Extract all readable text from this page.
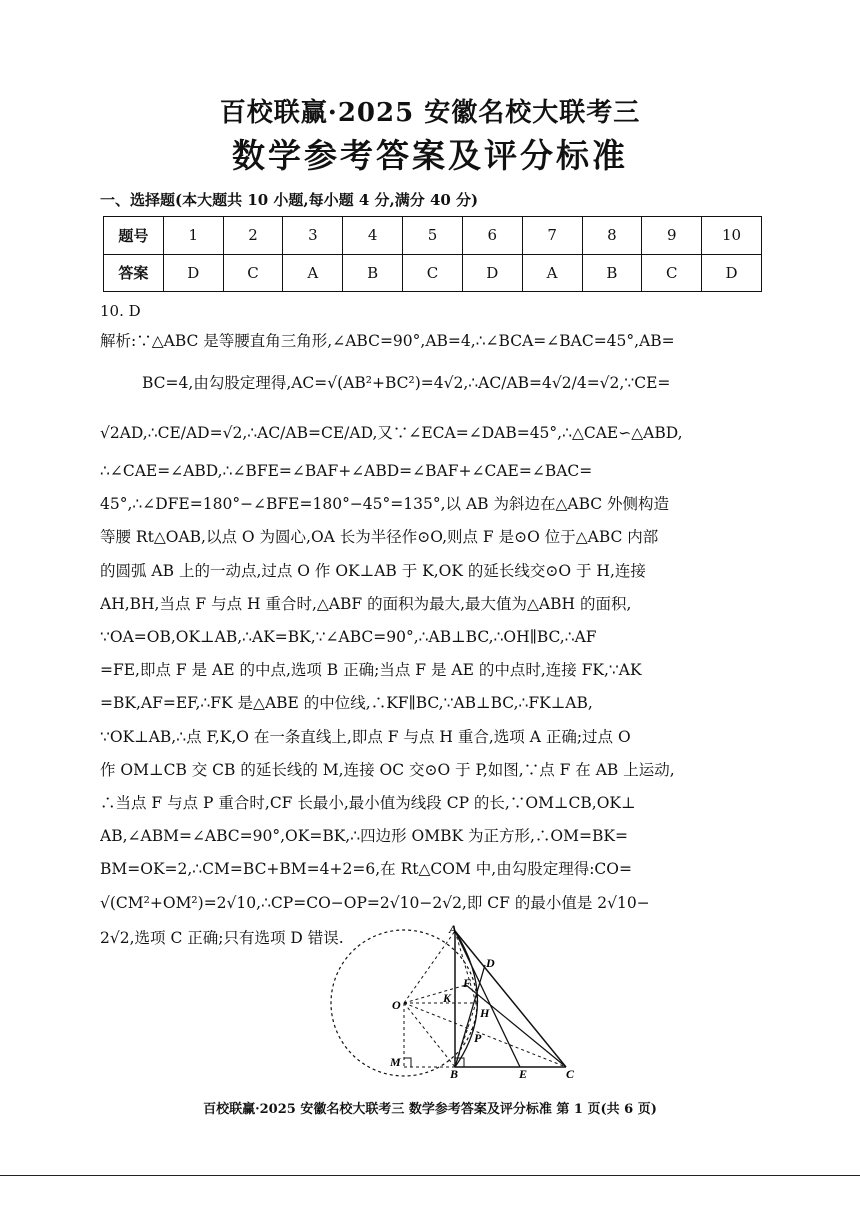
百校联赢·2025 安徽名校大联考三
数学参考答案及评分标准
一、选择题(本大题共 10 小题,每小题 4 分,满分 40 分)
题号	1	2	3	4	5	6	7	8	9	10
答案	D	C	A	B	C	D	A	B	C	D
10. D
解析:∵△ABC 是等腰直角三角形,∠ABC=90°,AB=4,∴∠BCA=∠BAC=45°,AB=
BC=4,由勾股定理得,AC=√(AB²+BC²)=4√2,∴AC/AB=4√2/4=√2,∵CE=
√2AD,∴CE/AD=√2,∴AC/AB=CE/AD,又∵∠ECA=∠DAB=45°,∴△CAE∽△ABD,
∴∠CAE=∠ABD,∴∠BFE=∠BAF+∠ABD=∠BAF+∠CAE=∠BAC=
45°,∴∠DFE=180°−∠BFE=180°−45°=135°,以 AB 为斜边在△ABC 外侧构造
等腰 Rt△OAB,以点 O 为圆心,OA 长为半径作⊙O,则点 F 是⊙O 位于△ABC 内部
的圆弧 AB 上的一动点,过点 O 作 OK⊥AB 于 K,OK 的延长线交⊙O 于 H,连接
AH,BH,当点 F 与点 H 重合时,△ABF 的面积为最大,最大值为△ABH 的面积,
∵OA=OB,OK⊥AB,∴AK=BK,∵∠ABC=90°,∴AB⊥BC,∴OH∥BC,∴AF
=FE,即点 F 是 AE 的中点,选项 B 正确;当点 F 是 AE 的中点时,连接 FK,∵AK
=BK,AF=EF,∴FK 是△ABE 的中位线,∴KF∥BC,∵AB⊥BC,∴FK⊥AB,
∵OK⊥AB,∴点 F,K,O 在一条直线上,即点 F 与点 H 重合,选项 A 正确;过点 O
作 OM⊥CB 交 CB 的延长线的 M,连接 OC 交⊙O 于 P,如图,∵点 F 在 AB 上运动,
∴当点 F 与点 P 重合时,CF 长最小,最小值为线段 CP 的长,∵OM⊥CB,OK⊥
AB,∠ABM=∠ABC=90°,OK=BK,∴四边形 OMBK 为正方形,∴OM=BK=
BM=OK=2,∴CM=BC+BM=4+2=6,在 Rt△COM 中,由勾股定理得:CO=
√(CM²+OM²)=2√10,∴CP=CO−OP=2√10−2√2,即 CF 的最小值是 2√10−
2√2,选项 C 正确;只有选项 D 错误.	A
D
F
O	K
H
P
M
B	E	C
百校联赢·2025 安徽名校大联考三 数学参考答案及评分标准 第 1 页(共 6 页)
